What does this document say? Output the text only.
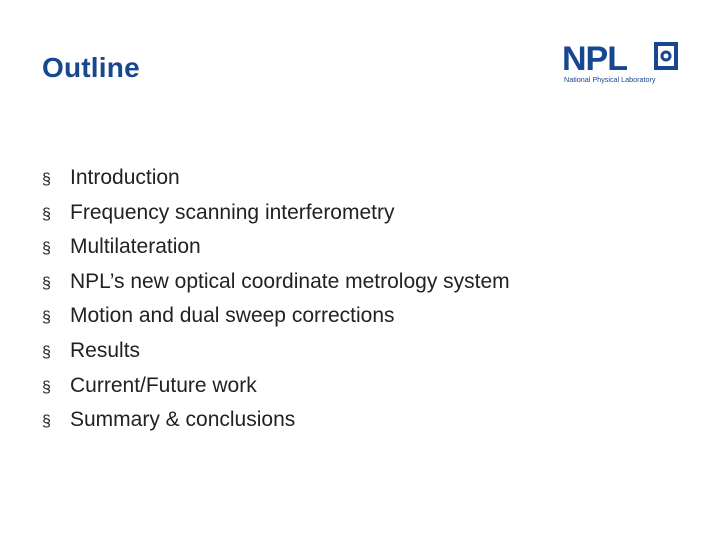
Outline	NPL
National Physical Laboratory
§ Introduction
§ Frequency scanning interferometry
§ Multilateration
§ NPL’s new optical coordinate metrology system
§ Motion and dual sweep corrections
§ Results
§ Current/Future work
§ Summary & conclusions
